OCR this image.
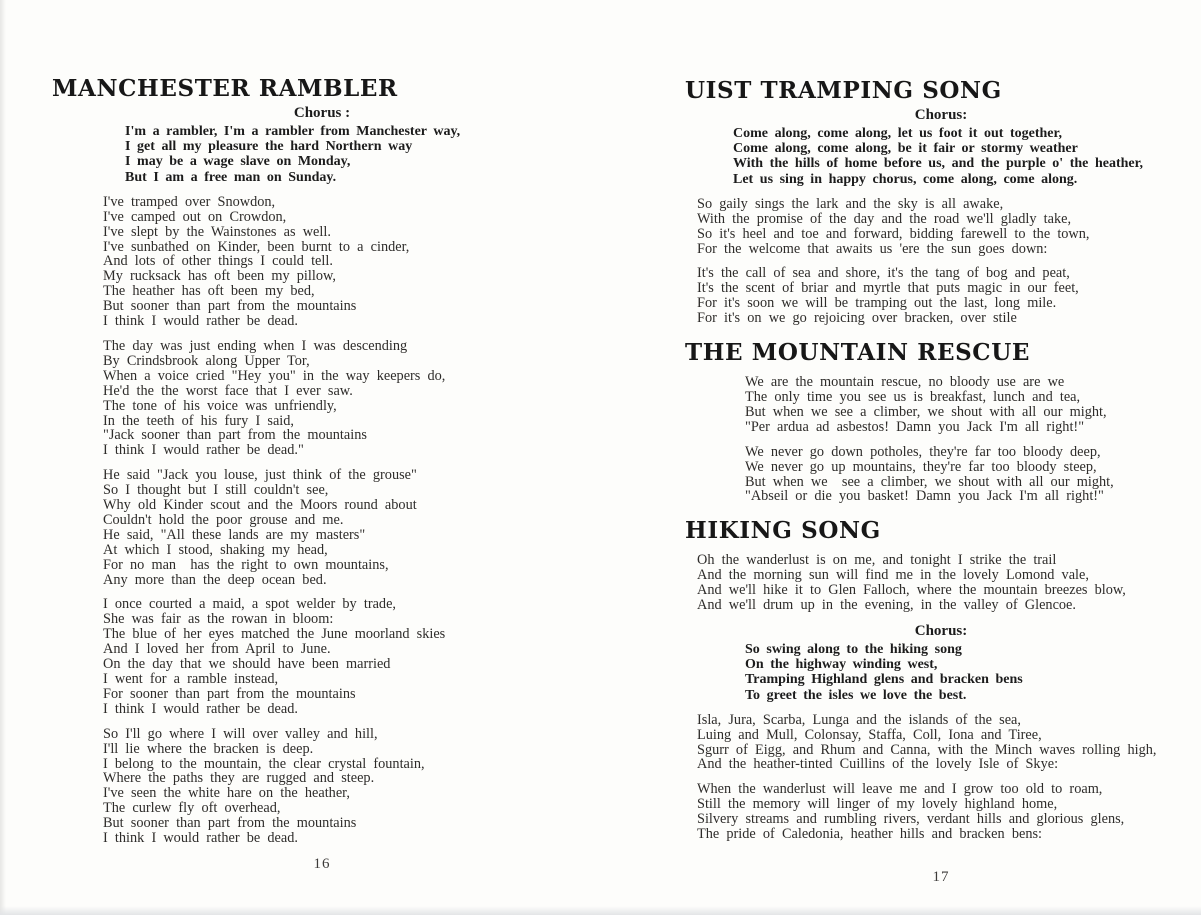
MANCHESTER RAMBLER
Chorus :
I'm a rambler, I'm a rambler from Manchester way,
I get all my pleasure the hard Northern way
I may be a wage slave on Monday,
But I am a free man on Sunday.
I've tramped over Snowdon,
I've camped out on Crowdon,
I've slept by the Wainstones as well.
I've sunbathed on Kinder, been burnt to a cinder,
And lots of other things I could tell.
My rucksack has oft been my pillow,
The heather has oft been my bed,
But sooner than part from the mountains
I think I would rather be dead.
The day was just ending when I was descending
By Crindsbrook along Upper Tor,
When a voice cried "Hey you" in the way keepers do,
He'd the the worst face that I ever saw.
The tone of his voice was unfriendly,
In the teeth of his fury I said,
"Jack sooner than part from the mountains
I think I would rather be dead."
He said "Jack you louse, just think of the grouse"
So I thought but I still couldn't see,
Why old Kinder scout and the Moors round about
Couldn't hold the poor grouse and me.
He said, "All these lands are my masters"
At which I stood, shaking my head,
For no man  has the right to own mountains,
Any more than the deep ocean bed.
I once courted a maid, a spot welder by trade,
She was fair as the rowan in bloom:
The blue of her eyes matched the June moorland skies
And I loved her from April to June.
On the day that we should have been married
I went for a ramble instead,
For sooner than part from the mountains
I think I would rather be dead.
So I'll go where I will over valley and hill,
I'll lie where the bracken is deep.
I belong to the mountain, the clear crystal fountain,
Where the paths they are rugged and steep.
I've seen the white hare on the heather,
The curlew fly oft overhead,
But sooner than part from the mountains
I think I would rather be dead.
16
UIST TRAMPING SONG
Chorus:
Come along, come along, let us foot it out together,
Come along, come along, be it fair or stormy weather
With the hills of home before us, and the purple o' the heather,
Let us sing in happy chorus, come along, come along.
So gaily sings the lark and the sky is all awake,
With the promise of the day and the road we'll gladly take,
So it's heel and toe and forward, bidding farewell to the town,
For the welcome that awaits us 'ere the sun goes down:
It's the call of sea and shore, it's the tang of bog and peat,
It's the scent of briar and myrtle that puts magic in our feet,
For it's soon we will be tramping out the last, long mile.
For it's on we go rejoicing over bracken, over stile
THE MOUNTAIN RESCUE
We are the mountain rescue, no bloody use are we
The only time you see us is breakfast, lunch and tea,
But when we see a climber, we shout with all our might,
"Per ardua ad asbestos! Damn you Jack I'm all right!"
We never go down potholes, they're far too bloody deep,
We never go up mountains, they're far too bloody steep,
But when we  see a climber, we shout with all our might,
"Abseil or die you basket! Damn you Jack I'm all right!"
HIKING SONG
Oh the wanderlust is on me, and tonight I strike the trail
And the morning sun will find me in the lovely Lomond vale,
And we'll hike it to Glen Falloch, where the mountain breezes blow,
And we'll drum up in the evening, in the valley of Glencoe.
Chorus:
So swing along to the hiking song
On the highway winding west,
Tramping Highland glens and bracken bens
To greet the isles we love the best.
Isla, Jura, Scarba, Lunga and the islands of the sea,
Luing and Mull, Colonsay, Staffa, Coll, Iona and Tiree,
Sgurr of Eigg, and Rhum and Canna, with the Minch waves rolling high,
And the heather-tinted Cuillins of the lovely Isle of Skye:
When the wanderlust will leave me and I grow too old to roam,
Still the memory will linger of my lovely highland home,
Silvery streams and rumbling rivers, verdant hills and glorious glens,
The pride of Caledonia, heather hills and bracken bens:
17
